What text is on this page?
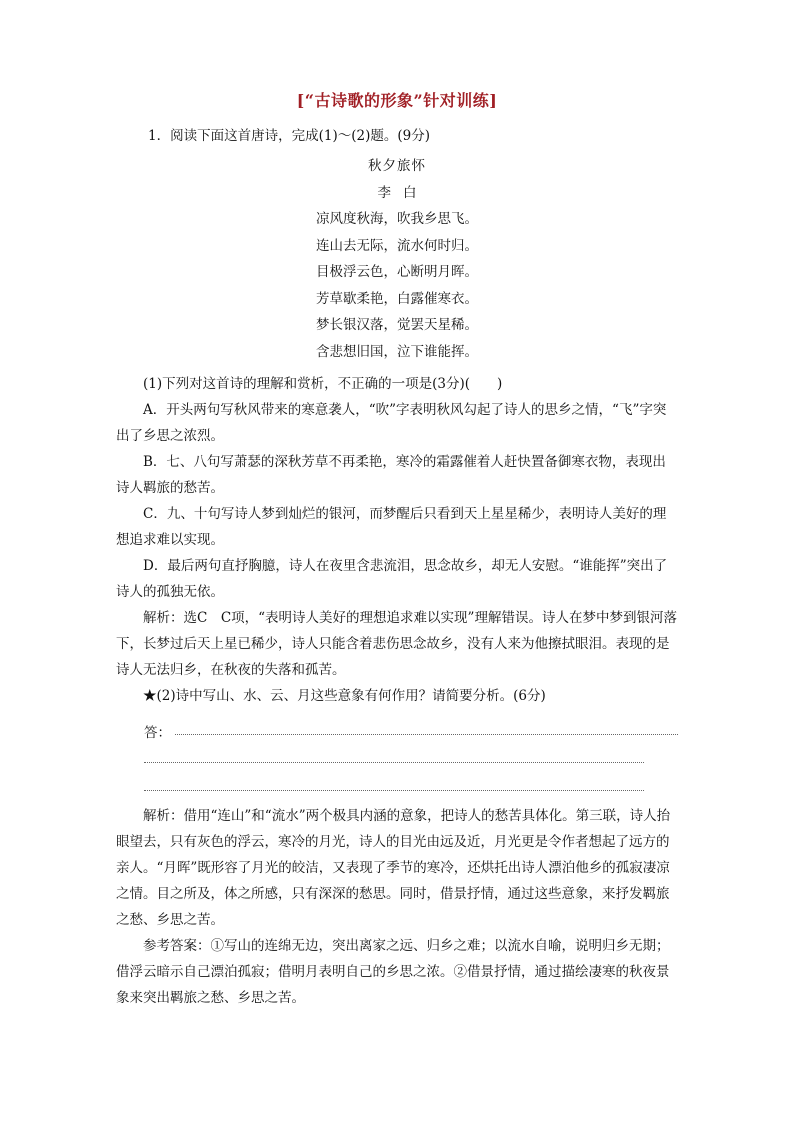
[“古诗歌的形象”针对训练]
1．阅读下面这首唐诗，完成(1)～(2)题。(9分)
秋夕旅怀
李白
凉风度秋海，吹我乡思飞。
连山去无际，流水何时归。
目极浮云色，心断明月晖。
芳草歇柔艳，白露催寒衣。
梦长银汉落，觉罢天星稀。
含悲想旧国，泣下谁能挥。

(1)下列对这首诗的理解和赏析，不正确的一项是(3分)(　　)

A．开头两句写秋风带来的寒意袭人，“吹”字表明秋风勾起了诗人的思乡之情，“飞”字突出了乡思之浓烈。

B．七、八句写萧瑟的深秋芳草不再柔艳，寒冷的霜露催着人赶快置备御寒衣物，表现出诗人羁旅的愁苦。

C．九、十句写诗人梦到灿烂的银河，而梦醒后只看到天上星星稀少，表明诗人美好的理想追求难以实现。

D．最后两句直抒胸臆，诗人在夜里含悲流泪，思念故乡，却无人安慰。“谁能挥”突出了诗人的孤独无依。

解析：选C　C项，“表明诗人美好的理想追求难以实现”理解错误。诗人在梦中梦到银河落下，长梦过后天上星已稀少，诗人只能含着悲伤思念故乡，没有人来为他擦拭眼泪。表现的是诗人无法归乡，在秋夜的失落和孤苦。

★(2)诗中写山、水、云、月这些意象有何作用？请简要分析。(6分)

答：

解析：借用“连山”和“流水”两个极具内涵的意象，把诗人的愁苦具体化。第三联，诗人抬眼望去，只有灰色的浮云，寒冷的月光，诗人的目光由远及近，月光更是令作者想起了远方的亲人。“月晖”既形容了月光的皎洁，又表现了季节的寒冷，还烘托出诗人漂泊他乡的孤寂凄凉之情。目之所及，体之所感，只有深深的愁思。同时，借景抒情，通过这些意象，来抒发羁旅之愁、乡思之苦。

参考答案：①写山的连绵无边，突出离家之远、归乡之难；以流水自喻，说明归乡无期；借浮云暗示自己漂泊孤寂；借明月表明自己的乡思之浓。②借景抒情，通过描绘凄寒的秋夜景象来突出羁旅之愁、乡思之苦。
